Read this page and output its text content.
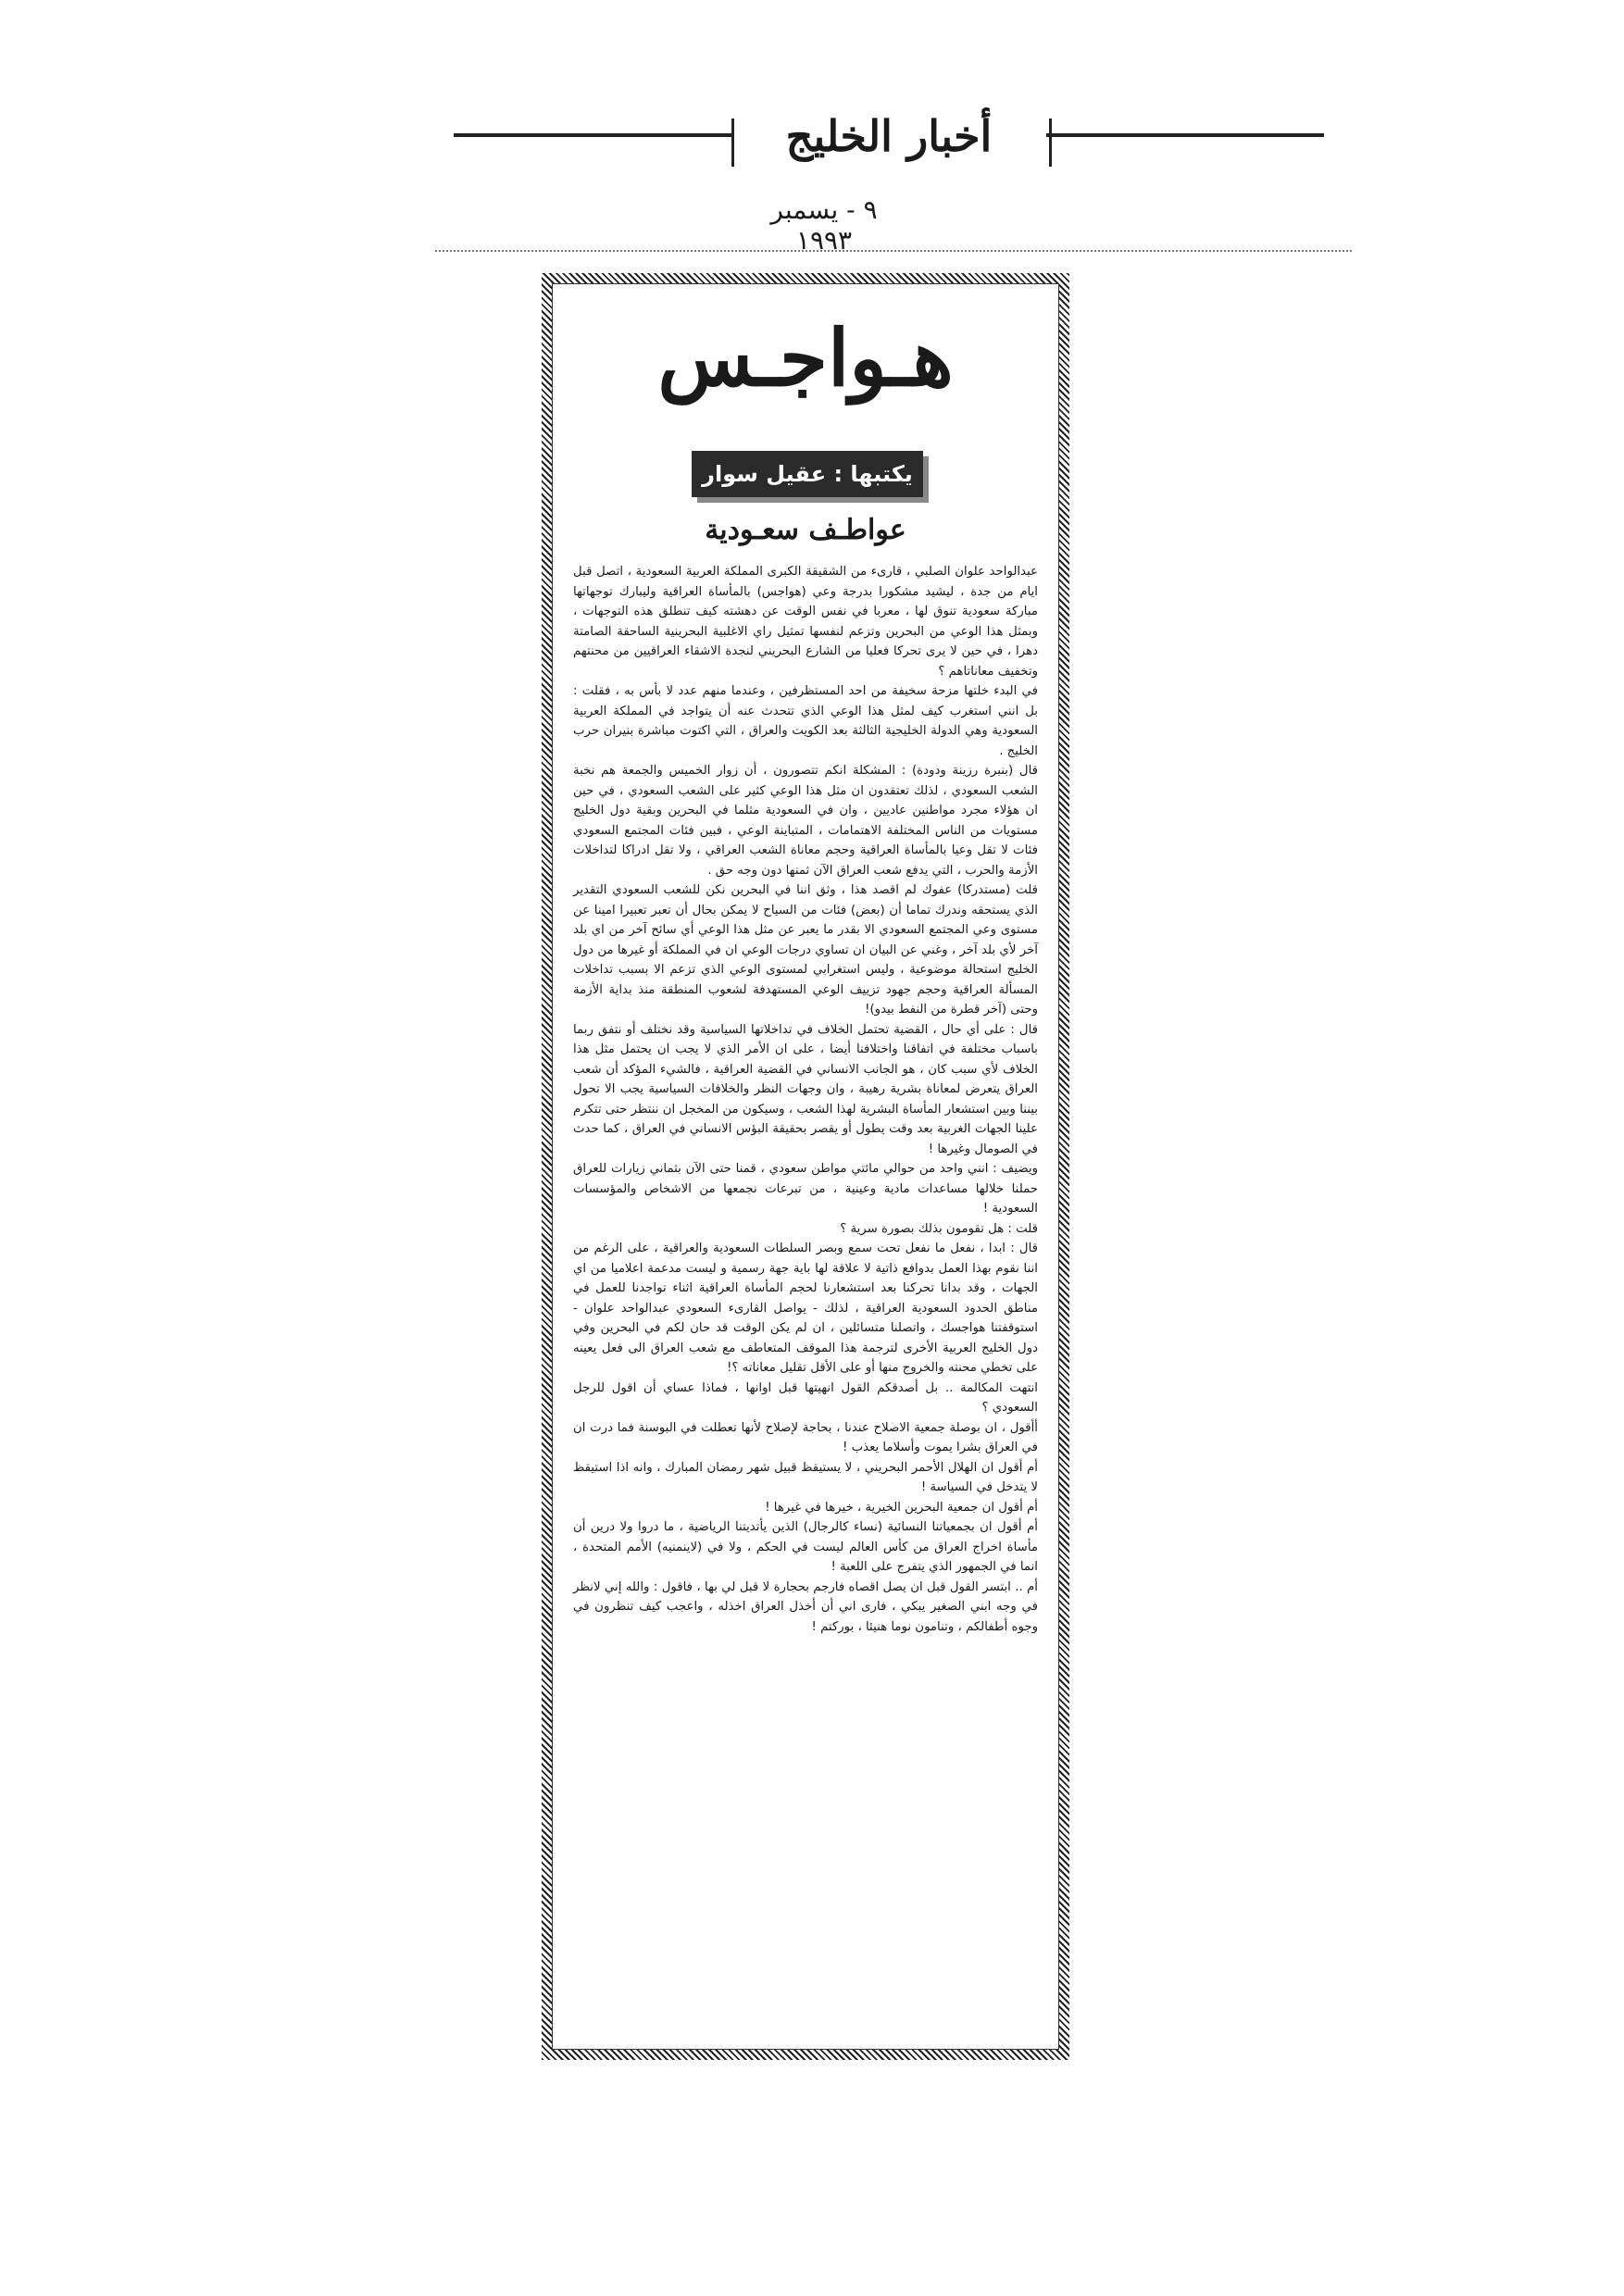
أخبار الخليج
٩ - يسمبر ١٩٩٣
هـواجـس
يكتبها : عقيل سوار
عواطـف سعـودية

عبدالواحد علوان الصلبي ، قارىء من الشقيقة الكبرى المملكة العربية السعودية ، اتصل قبل ايام من جدة ، ليشيد مشكورا بدرجة وعي (هواجس) بالمأساة العراقية وليبارك توجهاتها مباركة سعودية تنوق لها ، معربا في نفس الوقت عن دهشته كيف تنطلق هذه التوجهات ، وبمثل هذا الوعي من البحرين وتزعم لنفسها تمثيل راي الاغلبية البحرينية الساحقة الصامتة دهرا ، في حين لا يرى تحركا فعليا من الشارع البحريني لنجدة الاشقاء العراقيين من محنتهم وتخفيف معاناتاهم ؟

في البدء خلتها مزحة سخيفة من احد المستظرفين ، وعندما منهم عدد لا بأس به ، فقلت : بل انني استغرب كيف لمثل هذا الوعي الذي تتحدث عنه أن يتواجد في المملكة العربية السعودية وهي الدولة الخليجية الثالثة بعد الكويت والعراق ، التي اكتوت مباشرة بنيران حرب الخليج .

قال (بنبرة رزينة ودودة) : المشكلة انكم تتصورون ، أن زوار الخميس والجمعة هم نخبة الشعب السعودي ، لذلك تعتقدون ان مثل هذا الوعي كثير على الشعب السعودي ، في حين ان هؤلاء مجرد مواطنين عاديين ، وان في السعودية مثلما في البحرين وبقية دول الخليج مستويات من الناس المختلفة الاهتمامات ، المتباينة الوعي ، فبين فئات المجتمع السعودي فئات لا تقل وعيا بالمأساة العراقية وحجم معاناة الشعب العراقي ، ولا تقل ادراكا لتداخلات الأزمة والحرب ، التي يدفع شعب العراق الآن ثمنها دون وجه حق .

قلت (مستدركا) عفوك لم اقصد هذا ، وثق اننا في البحرين نكن للشعب السعودي التقدير الذي يستحقه وندرك تماما أن (بعض) فئات من السياح لا يمكن بحال أن تعبر تعبيرا امينا عن مستوى وعي المجتمع السعودي الا بقدر ما يعبر عن مثل هذا الوعي أي سائح آخر من اي بلد آخر لأي بلد آخر ، وغني عن البيان ان تساوي درجات الوعي ان في المملكة أو غيرها من دول الخليج استحالة موضوعية ، وليس استغرابي لمستوى الوعي الذي تزعم الا بسبب تداخلات المسألة العراقية وحجم جهود تزييف الوعي المستهدفة لشعوب المنطقة منذ بداية الأزمة وحتى (آخر قطرة من النفط بيدو)!

قال : على أي حال ، القضية تحتمل الخلاف في تداخلاتها السياسية وقد نختلف أو نتفق ربما باسباب مختلفة في اتفاقنا واختلافنا أيضا ، على ان الأمر الذي لا يجب ان يحتمل مثل هذا الخلاف لأي سبب كان ، هو الجانب الانساني في القضية العراقية ، فالشيء المؤكد أن شعب العراق يتعرض لمعاناة بشرية رهيبة ، وان وجهات النظر والخلافات السياسية يجب الا تحول بيننا وبين استشعار المأساة البشرية لهذا الشعب ، وسيكون من المخجل ان ننتظر حتى تتكرم علينا الجهات الغربية بعد وقت يطول أو يقصر بحقيقة البؤس الانساني في العراق ، كما حدث في الصومال وغيرها !

ويضيف : انني واحد من حوالي مائتي مواطن سعودي ، قمنا حتى الآن بثماني زيارات للعراق حملنا خلالها مساعدات مادية وعينية ، من تبرعات نجمعها من الاشخاص والمؤسسات السعودية !

قلت : هل تقومون بذلك بصورة سرية ؟

قال : ابدا ، نفعل ما نفعل تحت سمع وبصر السلطات السعودية والعراقية ، على الرغم من اننا نقوم بهذا العمل بدوافع ذاتية لا علاقة لها باية جهة رسمية و ليست مدعمة اعلاميا من اي الجهات ، وقد بدانا تحركنا بعد استشعارنا لحجم المأساة العراقية اثناء تواجدنا للعمل في مناطق الحدود السعودية العراقية ، لذلك - يواصل القارىء السعودي عبدالواحد علوان - استوقفتنا هواجسك ، واتصلنا متسائلين ، ان لم يكن الوقت قد حان لكم في البحرين وفي دول الخليج العربية الأخرى لترجمة هذا الموقف المتعاطف مع شعب العراق الى فعل يعينه على تخطي محنته والخروج منها أو على الأقل تقليل معاناته ؟!

انتهت المكالمة .. بل أصدقكم القول انهيتها قبل اوانها ، فماذا عساي أن اقول للرجل السعودي ؟

أأقول ، ان بوصلة جمعية الاصلاح عندنا ، بحاجة لإصلاح لأنها تعطلت في البوسنة فما درت ان في العراق بشرا يموت وأسلاما يعذب !

أم أقول ان الهلال الأحمر البحريني ، لا يستيقظ قبيل شهر رمضان المبارك ، وانه اذا استيقظ لا يتدخل في السياسة !

أم أقول ان جمعية البحرين الخيرية ، خيرها في غيرها !

أم أقول ان بجمعياتنا النسائية (نساء كالرجال) الذين يأتديتنا الرياضية ، ما دروا ولا درين أن مأساة اخراج العراق من كأس العالم ليست في الحكم ، ولا في (لاينمنيه) الأمم المتحدة ، انما في الجمهور الذي يتفرج على اللعبة !

أم .. ابتسر القول قبل ان يصل اقصاه فارجم بحجارة لا قبل لي بها ، فاقول : والله إني لانظر في وجه ابني الصغير يبكي ، فارى اني أن أخذل العراق اخذله ، واعجب كيف تنظرون في وجوه أطفالكم ، وتنامون نوما هنيئا ، بوركتم !
